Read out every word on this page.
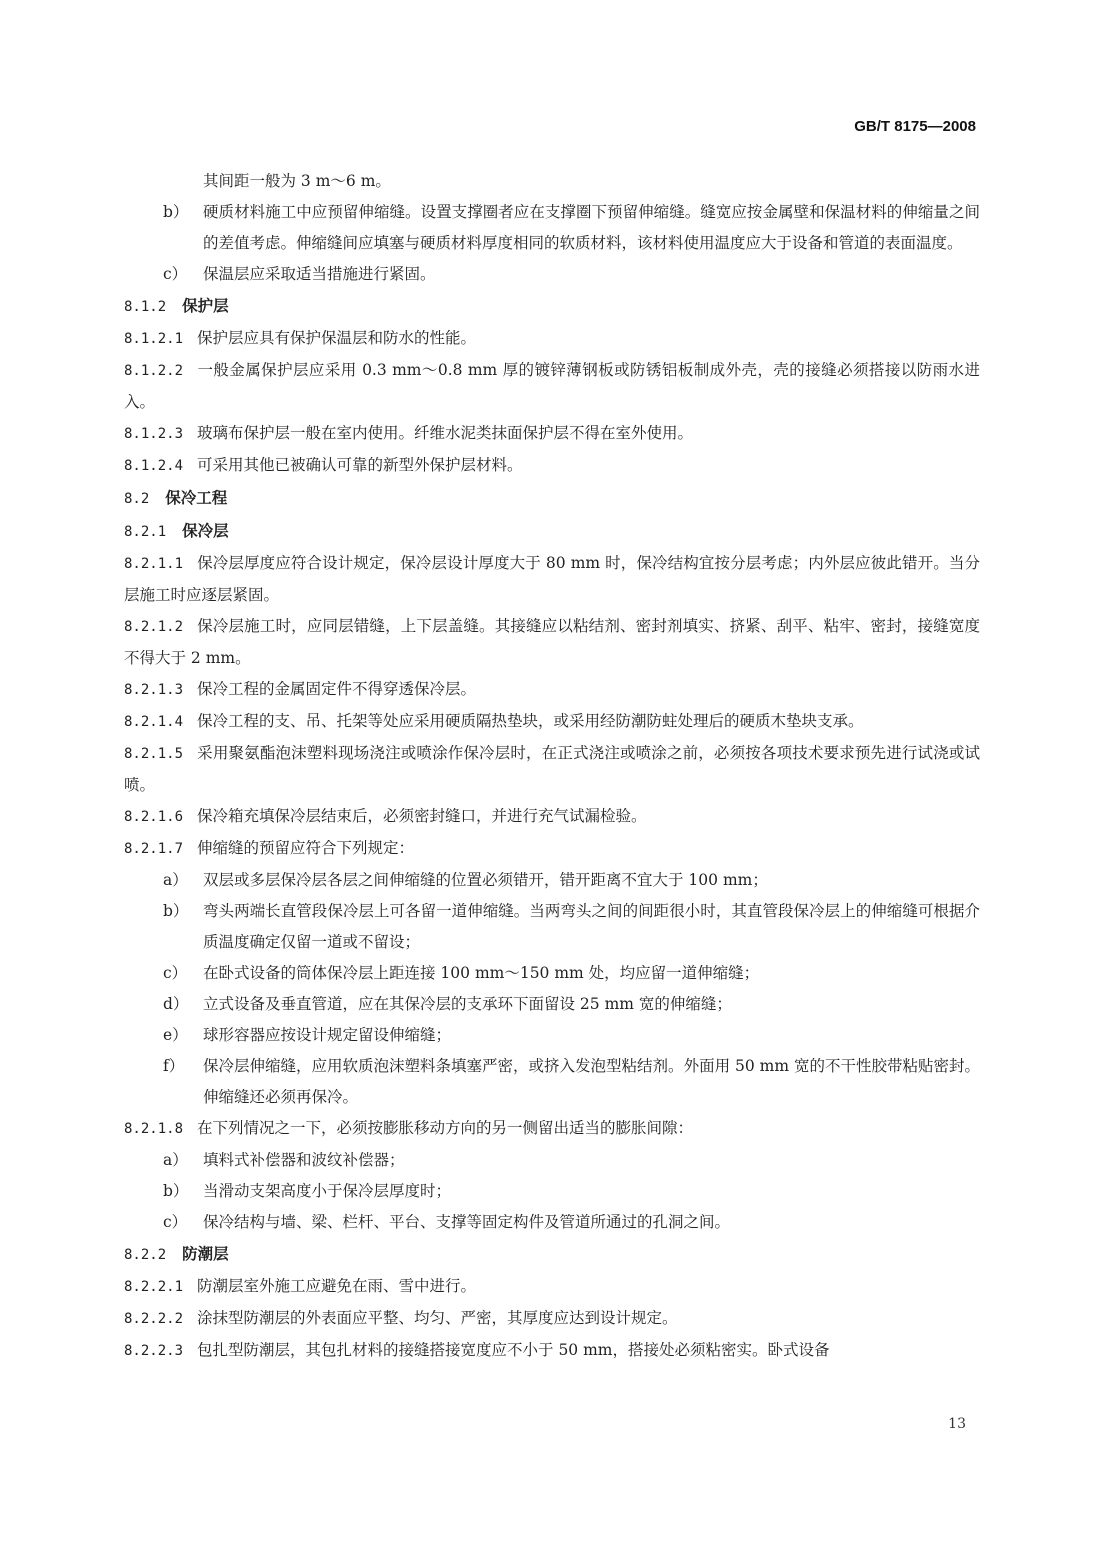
GB/T 8175—2008

其间距一般为 3 m～6 m。

b） 硬质材料施工中应预留伸缩缝。设置支撑圈者应在支撑圈下预留伸缩缝。缝宽应按金属壁和保温材料的伸缩量之间的差值考虑。伸缩缝间应填塞与硬质材料厚度相同的软质材料，该材料使用温度应大于设备和管道的表面温度。
c） 保温层应采取适当措施进行紧固。

8.1.2 保护层

8.1.2.1 保护层应具有保护保温层和防水的性能。

8.1.2.2 一般金属保护层应采用 0.3 mm～0.8 mm 厚的镀锌薄钢板或防锈铝板制成外壳，壳的接缝必须搭接以防雨水进入。

8.1.2.3 玻璃布保护层一般在室内使用。纤维水泥类抹面保护层不得在室外使用。

8.1.2.4 可采用其他已被确认可靠的新型外保护层材料。

8.2 保冷工程

8.2.1 保冷层

8.2.1.1 保冷层厚度应符合设计规定，保冷层设计厚度大于 80 mm 时，保冷结构宜按分层考虑；内外层应彼此错开。当分层施工时应逐层紧固。

8.2.1.2 保冷层施工时，应同层错缝，上下层盖缝。其接缝应以粘结剂、密封剂填实、挤紧、刮平、粘牢、密封，接缝宽度不得大于 2 mm。

8.2.1.3 保冷工程的金属固定件不得穿透保冷层。

8.2.1.4 保冷工程的支、吊、托架等处应采用硬质隔热垫块，或采用经防潮防蛀处理后的硬质木垫块支承。

8.2.1.5 采用聚氨酯泡沫塑料现场浇注或喷涂作保冷层时，在正式浇注或喷涂之前，必须按各项技术要求预先进行试浇或试喷。

8.2.1.6 保冷箱充填保冷层结束后，必须密封缝口，并进行充气试漏检验。

8.2.1.7 伸缩缝的预留应符合下列规定：

a） 双层或多层保冷层各层之间伸缩缝的位置必须错开，错开距离不宜大于 100 mm；
b） 弯头两端长直管段保冷层上可各留一道伸缩缝。当两弯头之间的间距很小时，其直管段保冷层上的伸缩缝可根据介质温度确定仅留一道或不留设；
c） 在卧式设备的筒体保冷层上距连接 100 mm～150 mm 处，均应留一道伸缩缝；
d） 立式设备及垂直管道，应在其保冷层的支承环下面留设 25 mm 宽的伸缩缝；
e） 球形容器应按设计规定留设伸缩缝；
f） 保冷层伸缩缝，应用软质泡沫塑料条填塞严密，或挤入发泡型粘结剂。外面用 50 mm 宽的不干性胶带粘贴密封。伸缩缝还必须再保冷。

8.2.1.8 在下列情况之一下，必须按膨胀移动方向的另一侧留出适当的膨胀间隙：

a） 填料式补偿器和波纹补偿器；
b） 当滑动支架高度小于保冷层厚度时；
c） 保冷结构与墙、梁、栏杆、平台、支撑等固定构件及管道所通过的孔洞之间。

8.2.2 防潮层

8.2.2.1 防潮层室外施工应避免在雨、雪中进行。

8.2.2.2 涂抹型防潮层的外表面应平整、均匀、严密，其厚度应达到设计规定。

8.2.2.3 包扎型防潮层，其包扎材料的接缝搭接宽度应不小于 50 mm，搭接处必须粘密实。卧式设备

13
